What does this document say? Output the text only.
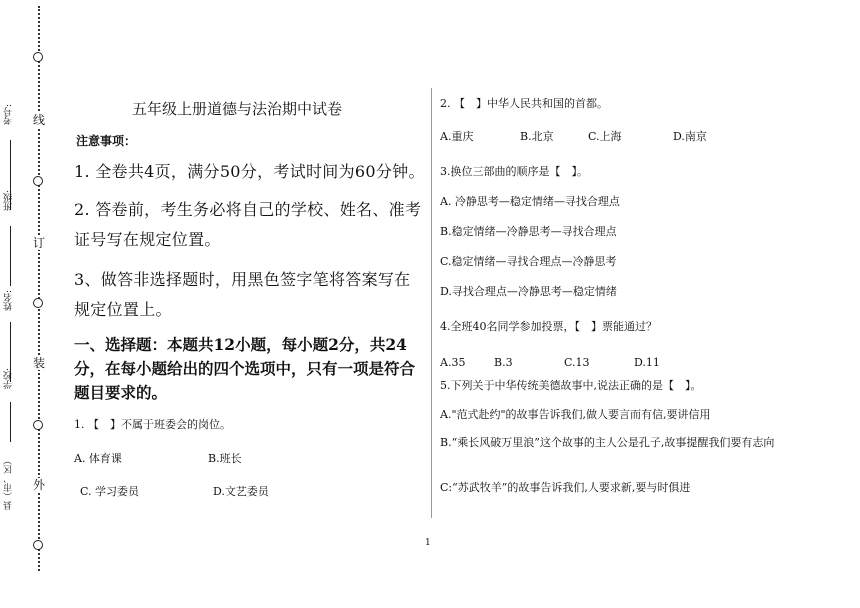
线
订
装
外
考号:
班级:
姓名:
学校:
县（市、区）
五年级上册道德与法治期中试卷
注意事项：
1. 全卷共4页，满分50分，考试时间为60分钟。
2. 答卷前，考生务必将自己的学校、姓名、准考证号写在规定位置。
3、做答非选择题时，用黑色签字笔将答案写在规定位置上。
一、选择题：本题共12小题，每小题2分，共24分，在每小题给出的四个选项中，只有一项是符合题目要求的。
1. 【　】不属于班委会的岗位。
A. 体育课	B.班长
C. 学习委员	D.文艺委员
2. 【　】中华人民共和国的首都。
A.重庆	B.北京	C.上海	D.南京
3.换位三部曲的顺序是【　】。
A. 冷静思考—稳定情绪—寻找合理点
B.稳定情绪—冷静思考—寻找合理点
C.稳定情绪—寻找合理点—冷静思考
D.寻找合理点—冷静思考—稳定情绪
4.全班40名同学参加投票，【　】票能通过？
A.35	B.3	C.13	D.11
5.下列关于中华传统美德故事中,说法正确的是【　】。
A."范式赴约"的故事告诉我们,做人要言而有信,要讲信用
B.“乘长风破万里浪”这个故事的主人公是孔子,故事提醒我们要有志向
C:“苏武牧羊”的故事告诉我们,人要求新,要与时俱进
1
